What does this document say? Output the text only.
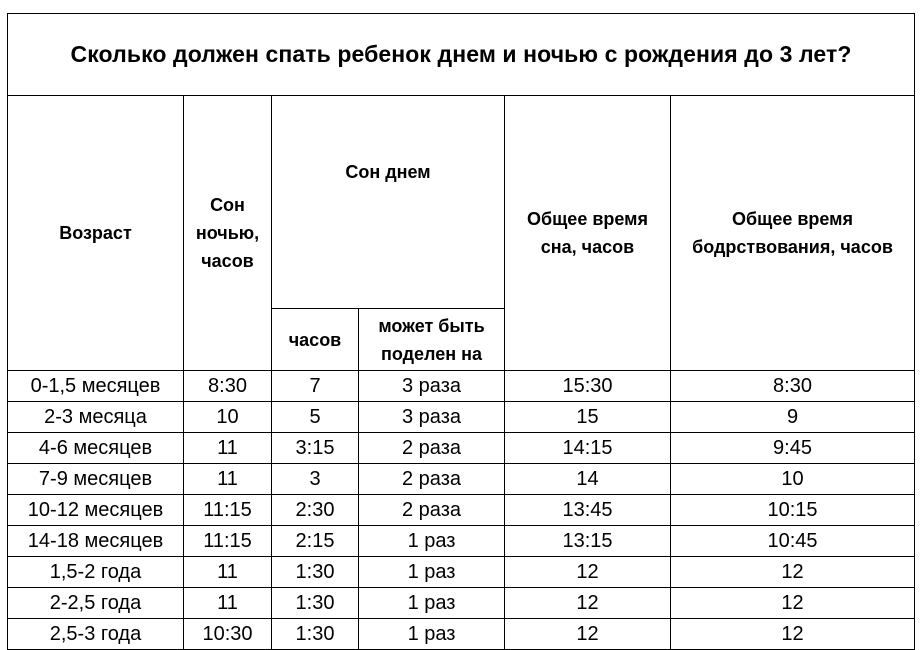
Сколько должен спать ребенок днем и ночью с рождения до 3 лет?					
Возраст	Сон ночью, часов	Сон днем		Общее время сна, часов	Общее время бодрствования, часов
		часов	может быть поделен на		
0-1,5 месяцев	8:30	7	3 раза	15:30	8:30
2-3 месяца	10	5	3 раза	15	9
4-6 месяцев	11	3:15	2 раза	14:15	9:45
7-9 месяцев	11	3	2 раза	14	10
10-12 месяцев	11:15	2:30	2 раза	13:45	10:15
14-18 месяцев	11:15	2:15	1 раз	13:15	10:45
1,5-2 года	11	1:30	1 раз	12	12
2-2,5 года	11	1:30	1 раз	12	12
2,5-3 года	10:30	1:30	1 раз	12	12
